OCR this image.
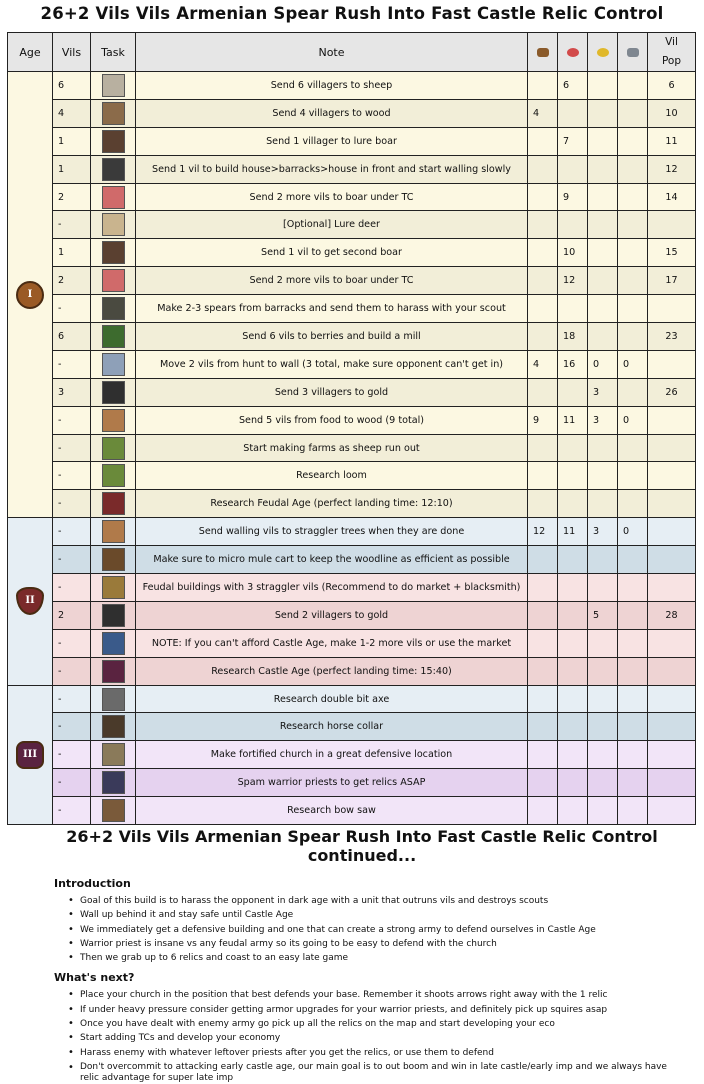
26+2 Vils Vils Armenian Spear Rush Into Fast Castle Relic Control
Age	Vils	Task	Note					Vil
Pop
I	6		Send 6 villagers to sheep		6			6
	4		Send 4 villagers to wood	4				10
	1		Send 1 villager to lure boar		7			11
	1		Send 1 vil to build house>barracks>house in front and start walling slowly					12
	2		Send 2 more vils to boar under TC		9			14
	-		[Optional] Lure deer					
	1		Send 1 vil to get second boar		10			15
	2		Send 2 more vils to boar under TC		12			17
	-		Make 2-3 spears from barracks and send them to harass with your scout					
	6		Send 6 vils to berries and build a mill		18			23
	-		Move 2 vils from hunt to wall (3 total, make sure opponent can't get in)	4	16	0	0	
	3		Send 3 villagers to gold			3		26
	-		Send 5 vils from food to wood (9 total)	9	11	3	0	
	-		Start making farms as sheep run out					
	-		Research loom					
	-		Research Feudal Age (perfect landing time: 12:10)					
II	-		Send walling vils to straggler trees when they are done	12	11	3	0	
	-		Make sure to micro mule cart to keep the woodline as efficient as possible					
	-		Feudal buildings with 3 straggler vils (Recommend to do market + blacksmith)					
	2		Send 2 villagers to gold			5		28
	-		NOTE: If you can't afford Castle Age, make 1-2 more vils or use the market					
	-		Research Castle Age (perfect landing time: 15:40)					
III	-		Research double bit axe					
	-		Research horse collar					
	-		Make fortified church in a great defensive location					
	-		Spam warrior priests to get relics ASAP					
	-		Research bow saw					
26+2 Vils Vils Armenian Spear Rush Into Fast Castle Relic Control continued...
Introduction
• Goal of this build is to harass the opponent in dark age with a unit that outruns vils and destroys scouts
• Wall up behind it and stay safe until Castle Age
• We immediately get a defensive building and one that can create a strong army to defend ourselves in Castle Age
• Warrior priest is insane vs any feudal army so its going to be easy to defend with the church
• Then we grab up to 6 relics and coast to an easy late game
What's next?
• Place your church in the position that best defends your base. Remember it shoots arrows right away with the 1 relic
• If under heavy pressure consider getting armor upgrades for your warrior priests, and definitely pick up squires asap
• Once you have dealt with enemy army go pick up all the relics on the map and start developing your eco
• Start adding TCs and develop your economy
• Harass enemy with whatever leftover priests after you get the relics, or use them to defend
• Don't overcommit to attacking early castle age, our main goal is to out boom and win in late castle/early imp and we always have relic advantage for super late imp
